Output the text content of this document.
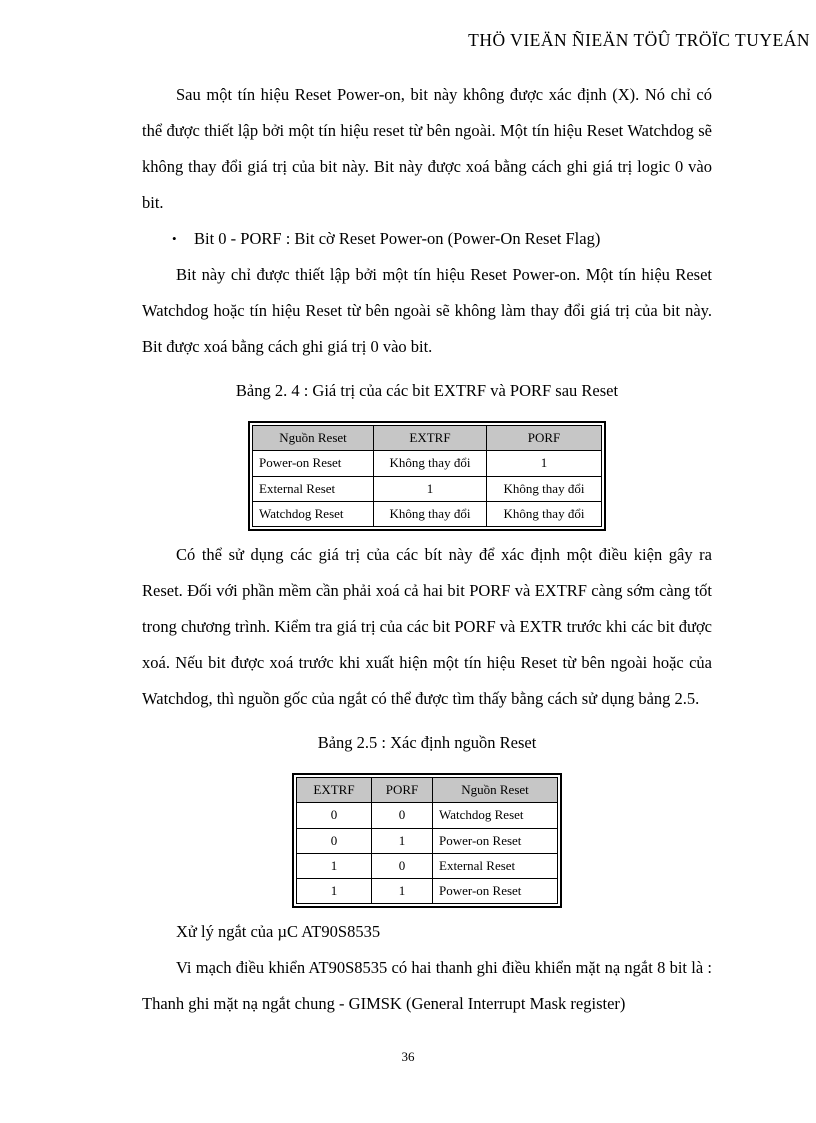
THÖ VIEÄN ÑIEÄN TÖÛ TRÖÏC TUYEÁN

Sau một tín hiệu Reset Power-on, bit này không được xác định (X). Nó chỉ có thể được thiết lập bởi một tín hiệu reset từ bên ngoài. Một tín hiệu Reset Watchdog sẽ không thay đổi giá trị của bit này. Bit này được xoá bằng cách ghi giá trị logic 0 vào bit.

• Bit 0 - PORF : Bit cờ Reset Power-on (Power-On Reset Flag)

Bit này chỉ được thiết lập bởi một tín hiệu Reset Power-on. Một tín hiệu Reset Watchdog hoặc tín hiệu Reset từ bên ngoài sẽ không làm thay đổi giá trị của bit này. Bit được xoá bằng cách ghi giá trị 0 vào bit.

Bảng 2. 4 : Giá trị của các bit EXTRF và PORF sau Reset
Nguồn Reset	EXTRF	PORF
Power-on Reset	Không thay đổi	1
External Reset	1	Không thay đổi
Watchdog Reset	Không thay đổi	Không thay đổi

Có thể sử dụng các giá trị của các bít này để xác định một điều kiện gây ra Reset. Đối với phần mềm cần phải xoá cả hai bit PORF và EXTRF càng sớm càng tốt trong chương trình. Kiểm tra giá trị của các bit PORF và EXTR trước khi các bit được xoá. Nếu bit được xoá trước khi xuất hiện một tín hiệu Reset từ bên ngoài hoặc của Watchdog, thì nguồn gốc của ngắt có thể được tìm thấy bằng cách sử dụng bảng 2.5.

Bảng 2.5 : Xác định nguồn Reset
EXTRF	PORF	Nguồn Reset
0	0	Watchdog Reset
0	1	Power-on Reset
1	0	External Reset
1	1	Power-on Reset

Xử lý ngắt của µC AT90S8535

Vi mạch điều khiển AT90S8535 có hai thanh ghi điều khiển mặt nạ ngắt 8 bit là : Thanh ghi mặt nạ ngắt chung - GIMSK (General Interrupt Mask register)

36
